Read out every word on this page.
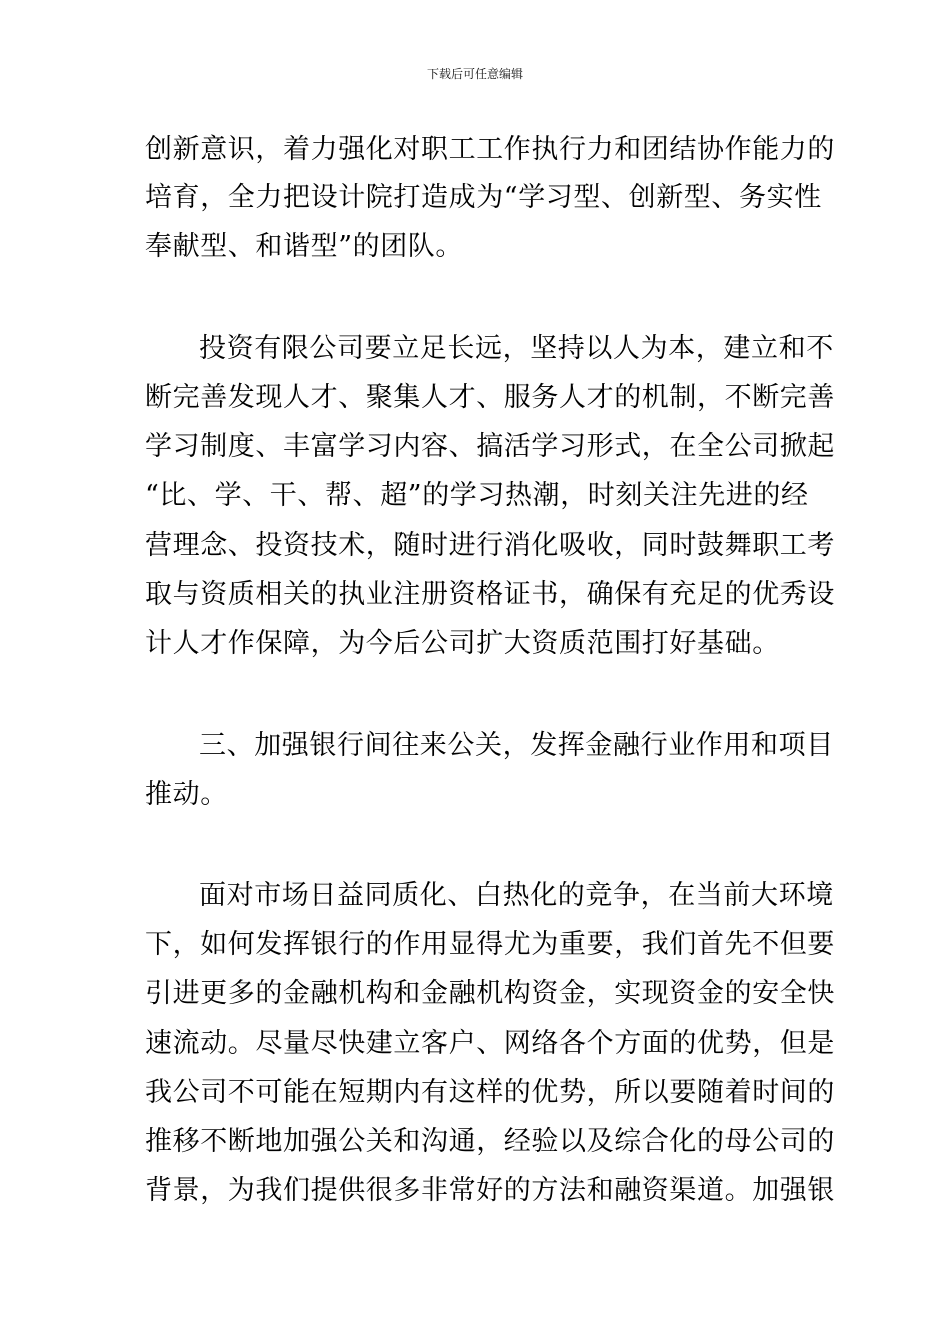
下载后可任意编辑
创新意识，着力强化对职工工作执行力和团结协作能力的
培育，全力把设计院打造成为“学习型、创新型、务实性
奉献型、和谐型”的团队。
投资有限公司要立足长远，坚持以人为本，建立和不
断完善发现人才、聚集人才、服务人才的机制，不断完善
学习制度、丰富学习内容、搞活学习形式，在全公司掀起
“比、学、干、帮、超”的学习热潮，时刻关注先进的经
营理念、投资技术，随时进行消化吸收，同时鼓舞职工考
取与资质相关的执业注册资格证书，确保有充足的优秀设
计人才作保障，为今后公司扩大资质范围打好基础。
三、加强银行间往来公关，发挥金融行业作用和项目
推动。
面对市场日益同质化、白热化的竞争，在当前大环境
下，如何发挥银行的作用显得尤为重要，我们首先不但要
引进更多的金融机构和金融机构资金，实现资金的安全快
速流动。尽量尽快建立客户、网络各个方面的优势，但是
我公司不可能在短期内有这样的优势，所以要随着时间的
推移不断地加强公关和沟通，经验以及综合化的母公司的
背景，为我们提供很多非常好的方法和融资渠道。加强银
